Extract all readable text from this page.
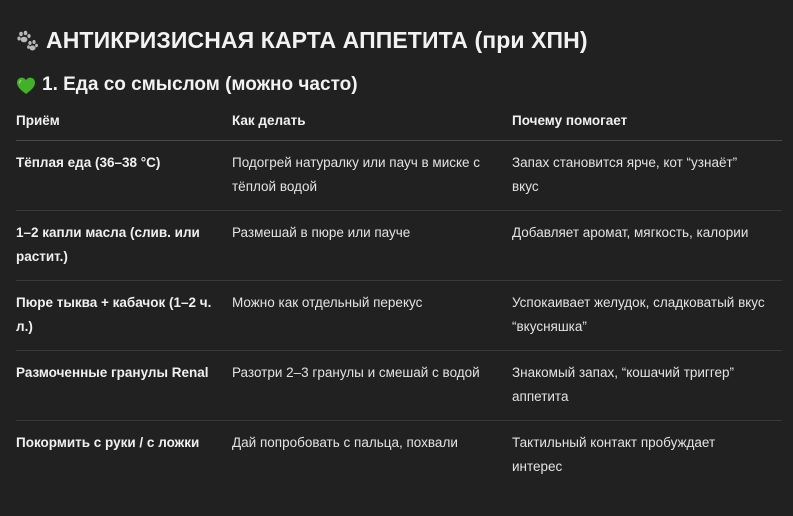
АНТИКРИЗИСНАЯ КАРТА АППЕТИТА (при ХПН)
1. Еда со смыслом (можно часто)
Приём	Как делать	Почему помогает
Тёплая еда (36–38 °C)	Подогрей натуралку или пауч в миске с тёплой водой	Запах становится ярче, кот “узнаёт” вкус
1–2 капли масла (слив. или растит.)	Размешай в пюре или пауче	Добавляет аромат, мягкость, калории
Пюре тыква + кабачок (1–2 ч. л.)	Можно как отдельный перекус	Успокаивает желудок, сладковатый вкус “вкусняшка”
Размоченные гранулы Renal	Разотри 2–3 гранулы и смешай с водой	Знакомый запах, “кошачий триггер” аппетита
Покормить с руки / с ложки	Дай попробовать с пальца, похвали	Тактильный контакт пробуждает интерес
